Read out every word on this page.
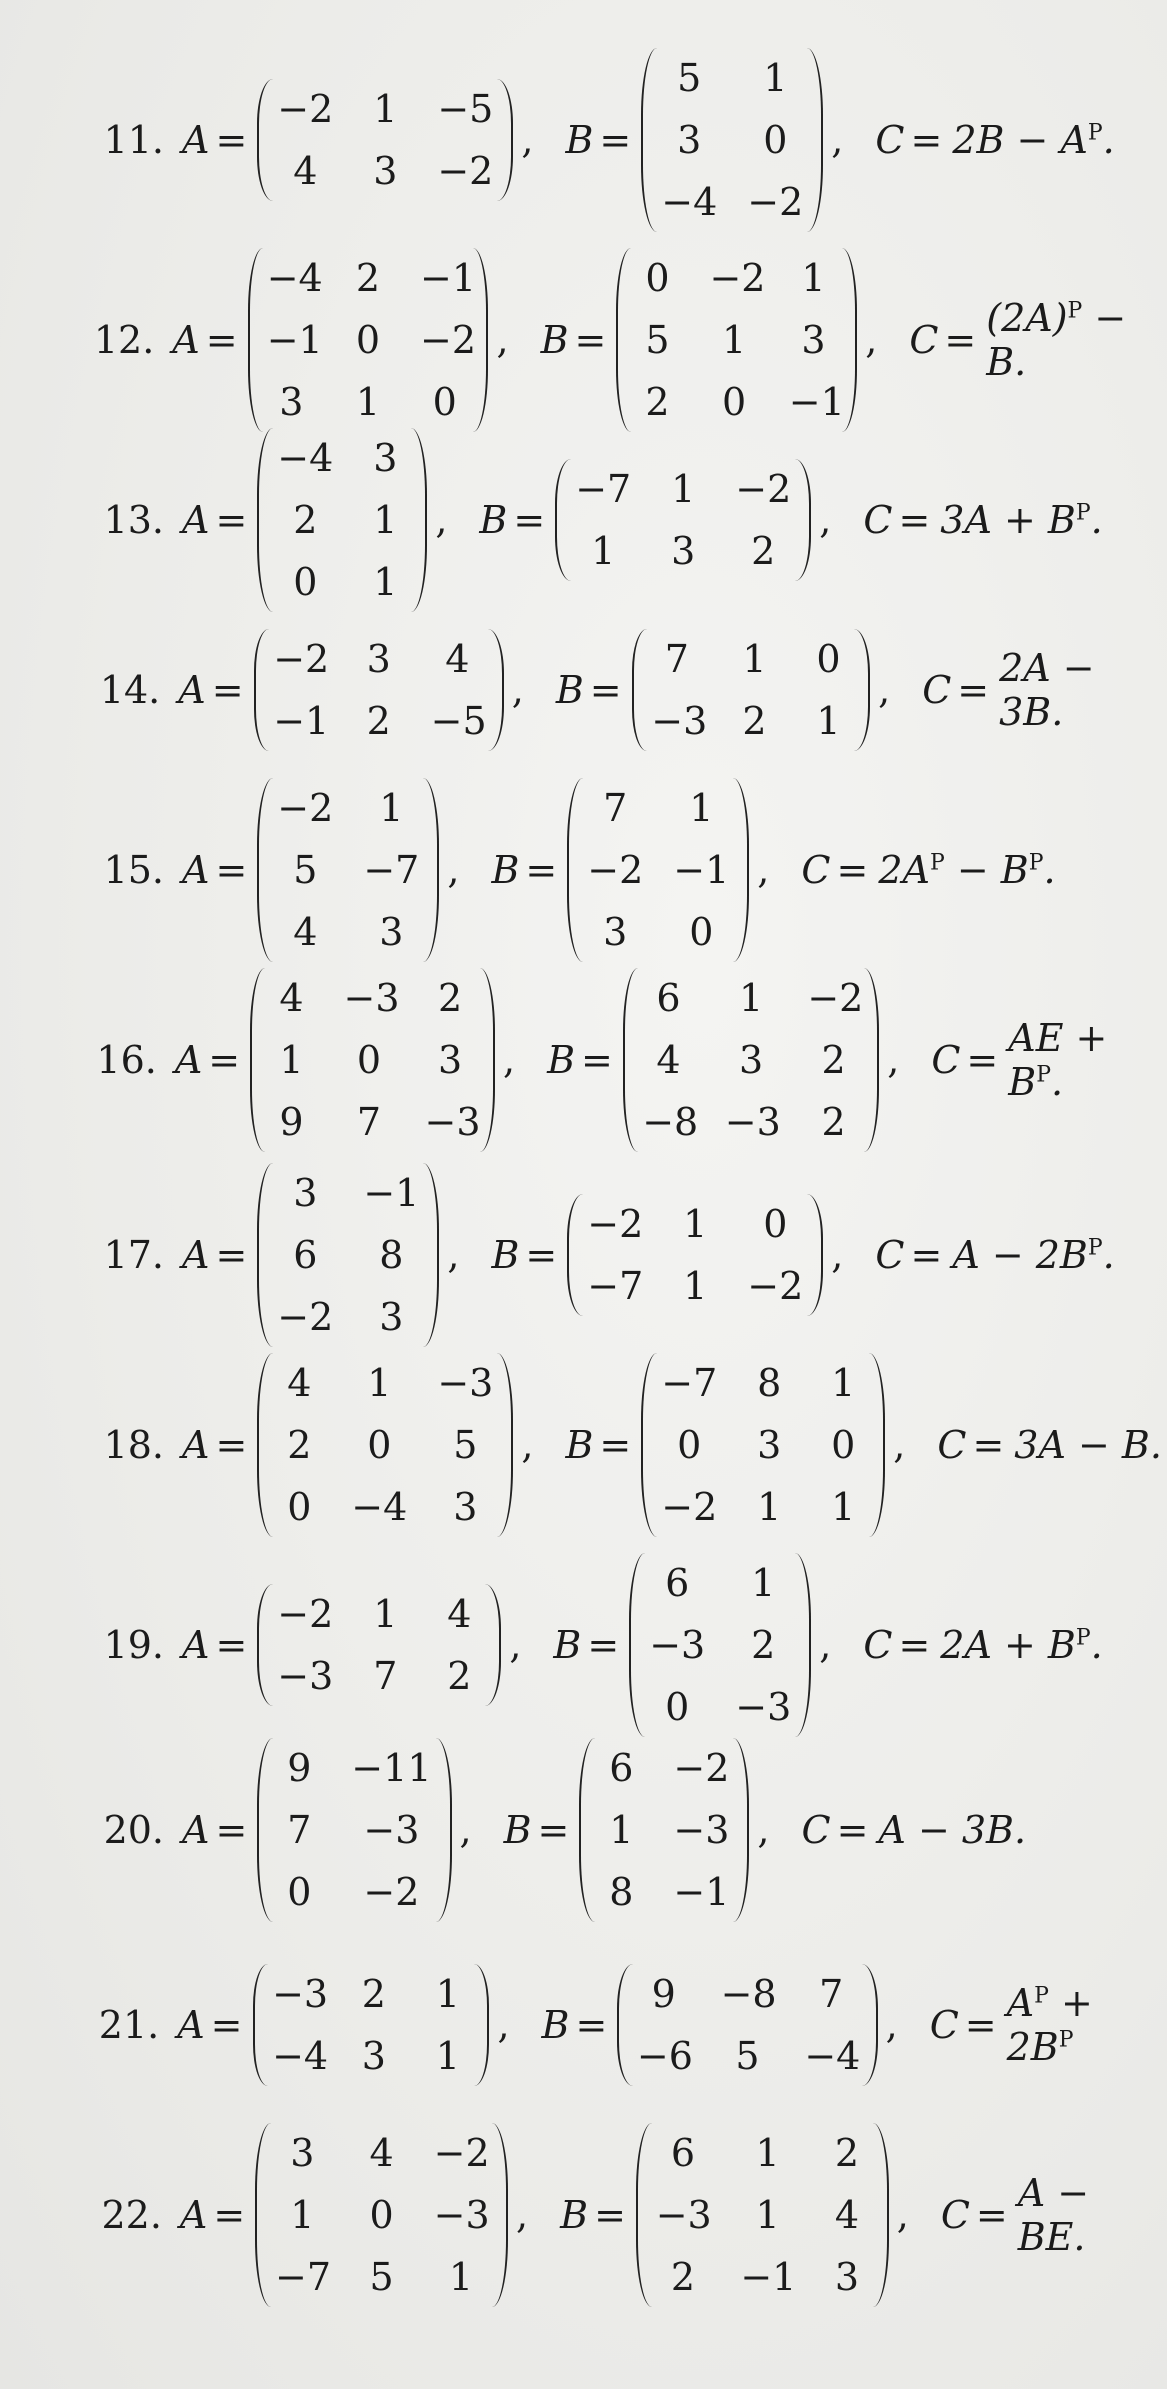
11. A =
−2 1 −5
4	3 −2
, B =
5	1
3	0
−4 −2
, $C = 2B - A^P$.
12. A =
−4 2 −1
−1 0 −2
3	1	0
, B =
0 −2 1
5	1	3
2	0	−1
, $C = (2A)^P - B$.
13. A =
−4 3
2	1
0	1
, B =
−7 1 −2
1	3	2
, $C = 3A + B^P$.
14. A =
−2 3	4
−1 2 −5
, B =
7	1 0
−3 2 1
, C = 2A − 3B.
15. A =
−2	1
5	−7
4	3
, B =
7	1
−2 −1
3	0
, $C = 2A^P - B^P$.
16. A =
4 −3	2
1	0	3
9	7	−3
, B =
6	1	−2
4	3	2
−8 −3	2
, C = AE + $B^P$.
17. A =
3	−1
6	8
−2	3
, B =
−2 1	0
−7 1 −2
, $C = A - 2B^P$.
18. A =
4	1	−3
2	0	5
0 −4	3
, B =
−7 8 1
0	3 0
−2 1 1
, C = 3A − B.
19. A =
−2 1 4
−3 7 2
, B =
6	1
−3	2
0	−3
, $C = 2A + B^P$.
20. A =
9 −11
7	−3
0	−2
, B =
6 −2
1 −3
8 −1
, C = A − 3B.
21. A =
−3 2 1
−4 3 1
, B =
9	−8	7
−6	5	−4
, $C = A^P + 2B^P$
22. A =
3	4 −2
1	0 −3
−7 5	1
, B =
6	1	2
−3	1	4
2	−1 3
, C = A − BE.
